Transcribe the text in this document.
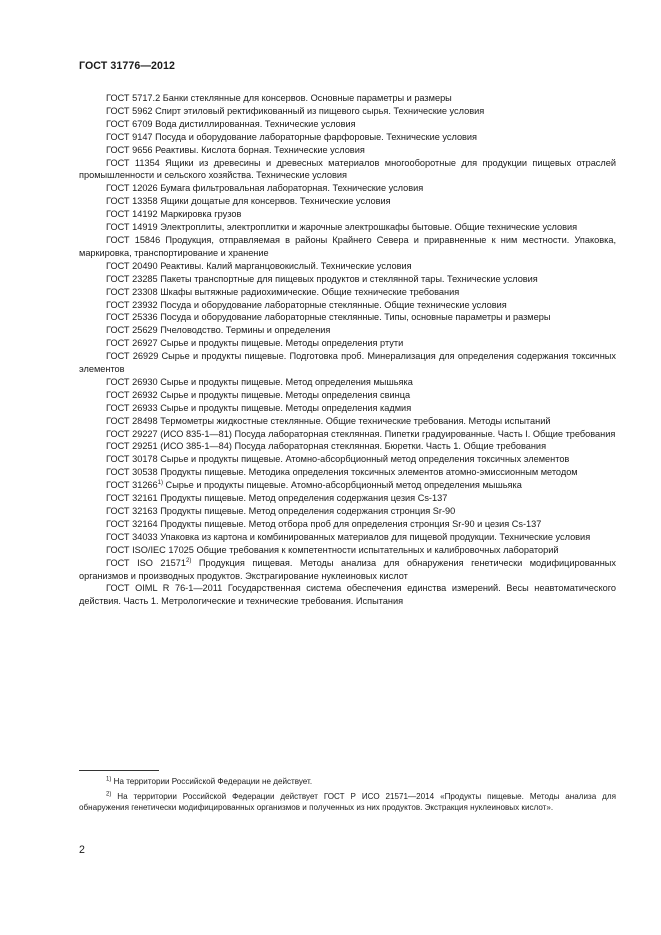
ГОСТ 31776—2012

ГОСТ 5717.2 Банки стеклянные для консервов. Основные параметры и размеры

ГОСТ 5962 Спирт этиловый ректификованный из пищевого сырья. Технические условия

ГОСТ 6709 Вода дистиллированная. Технические условия

ГОСТ 9147 Посуда и оборудование лабораторные фарфоровые. Технические условия

ГОСТ 9656 Реактивы. Кислота борная. Технические условия

ГОСТ 11354 Ящики из древесины и древесных материалов многооборотные для продукции пищевых отраслей промышленности и сельского хозяйства. Технические условия

ГОСТ 12026 Бумага фильтровальная лабораторная. Технические условия

ГОСТ 13358 Ящики дощатые для консервов. Технические условия

ГОСТ 14192 Маркировка грузов

ГОСТ 14919 Электроплиты, электроплитки и жарочные электрошкафы бытовые. Общие технические условия

ГОСТ 15846 Продукция, отправляемая в районы Крайнего Севера и приравненные к ним местности. Упаковка, маркировка, транспортирование и хранение

ГОСТ 20490 Реактивы. Калий марганцовокислый. Технические условия

ГОСТ 23285 Пакеты транспортные для пищевых продуктов и стеклянной тары. Технические условия

ГОСТ 23308 Шкафы вытяжные радиохимические. Общие технические требования

ГОСТ 23932 Посуда и оборудование лабораторные стеклянные. Общие технические условия

ГОСТ 25336 Посуда и оборудование лабораторные стеклянные. Типы, основные параметры и размеры

ГОСТ 25629 Пчеловодство. Термины и определения

ГОСТ 26927 Сырье и продукты пищевые. Методы определения ртути

ГОСТ 26929 Сырье и продукты пищевые. Подготовка проб. Минерализация для определения содержания токсичных элементов

ГОСТ 26930 Сырье и продукты пищевые. Метод определения мышьяка

ГОСТ 26932 Сырье и продукты пищевые. Методы определения свинца

ГОСТ 26933 Сырье и продукты пищевые. Методы определения кадмия

ГОСТ 28498 Термометры жидкостные стеклянные. Общие технические требования. Методы испытаний

ГОСТ 29227 (ИСО 835-1—81) Посуда лабораторная стеклянная. Пипетки градуированные. Часть I. Общие требования

ГОСТ 29251 (ИСО 385-1—84) Посуда лабораторная стеклянная. Бюретки. Часть 1. Общие требования

ГОСТ 30178 Сырье и продукты пищевые. Атомно-абсорбционный метод определения токсичных элементов

ГОСТ 30538 Продукты пищевые. Методика определения токсичных элементов атомно-эмиссионным методом

ГОСТ 31266$^{1)}$ Сырье и продукты пищевые. Атомно-абсорбционный метод определения мышьяка

ГОСТ 32161 Продукты пищевые. Метод определения содержания цезия Cs-137

ГОСТ 32163 Продукты пищевые. Метод определения содержания стронция Sr-90

ГОСТ 32164 Продукты пищевые. Метод отбора проб для определения стронция Sr-90 и цезия Cs-137

ГОСТ 34033 Упаковка из картона и комбинированных материалов для пищевой продукции. Технические условия

ГОСТ ISO/IEC 17025 Общие требования к компетентности испытательных и калибровочных лабораторий

ГОСТ ISO 21571$^{2)}$ Продукция пищевая. Методы анализа для обнаружения генетически модифицированных организмов и производных продуктов. Экстрагирование нуклеиновых кислот

ГОСТ OIML R 76-1—2011 Государственная система обеспечения единства измерений. Весы неавтоматического действия. Часть 1. Метрологические и технические требования. Испытания

$^{1)}$ На территории Российской Федерации не действует.

$^{2)}$ На территории Российской Федерации действует ГОСТ Р ИСО 21571—2014 «Продукты пищевые. Методы анализа для обнаружения генетически модифицированных организмов и полученных из них продуктов. Экстракция нуклеиновых кислот».

2
